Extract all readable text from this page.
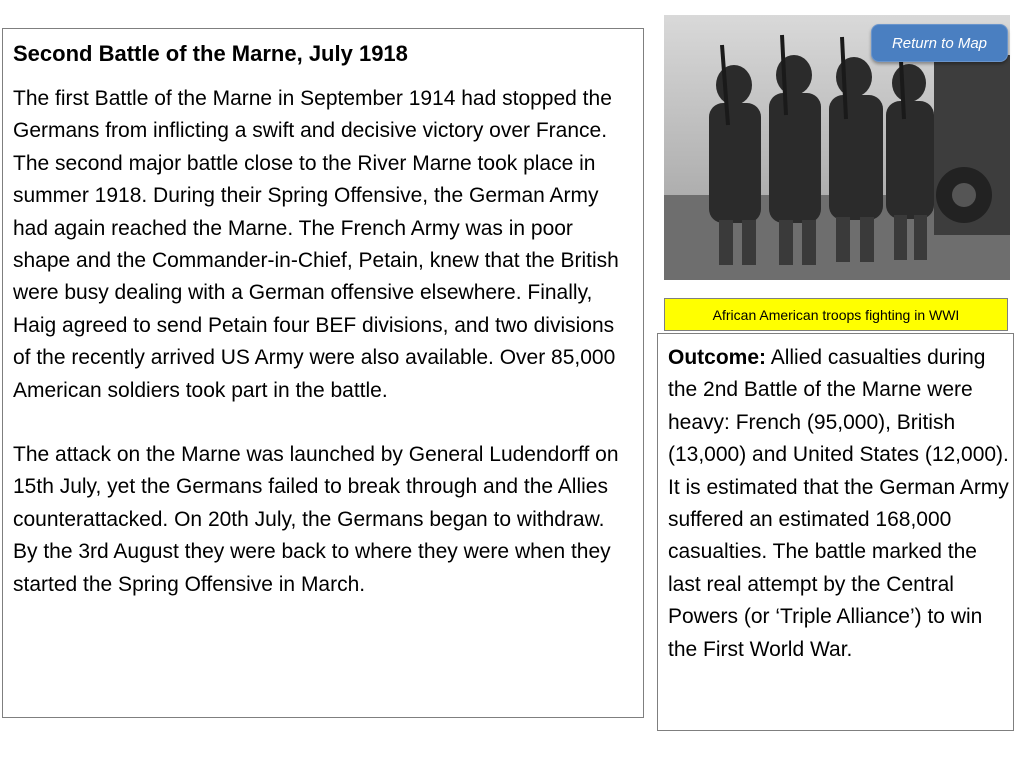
Second Battle of the Marne, July 1918
The first Battle of the Marne in September 1914 had stopped the Germans from inflicting a swift and decisive victory over France. The second major battle close to the River Marne took place in summer 1918. During their Spring Offensive, the German Army had again reached the Marne. The French Army was in poor shape and the Commander-in-Chief, Petain, knew that the British were busy dealing with a German offensive elsewhere. Finally, Haig agreed to send Petain four BEF divisions, and two divisions of the recently arrived US Army were also available. Over 85,000 American soldiers took part in the battle.
The attack on the Marne was launched by General Ludendorff on 15th July, yet the Germans failed to break through and the Allies counterattacked. On 20th July, the Germans began to withdraw. By the 3rd August they were back to where they were when they started the Spring Offensive in March.
Return to Map
African American troops fighting in WWI
Outcome: Allied casualties during the 2nd Battle of the Marne were heavy: French (95,000), British (13,000) and United States (12,000). It is estimated that the German Army suffered an estimated 168,000 casualties. The battle marked the last real attempt by the Central Powers (or ‘Triple Alliance’) to win the First World War.
